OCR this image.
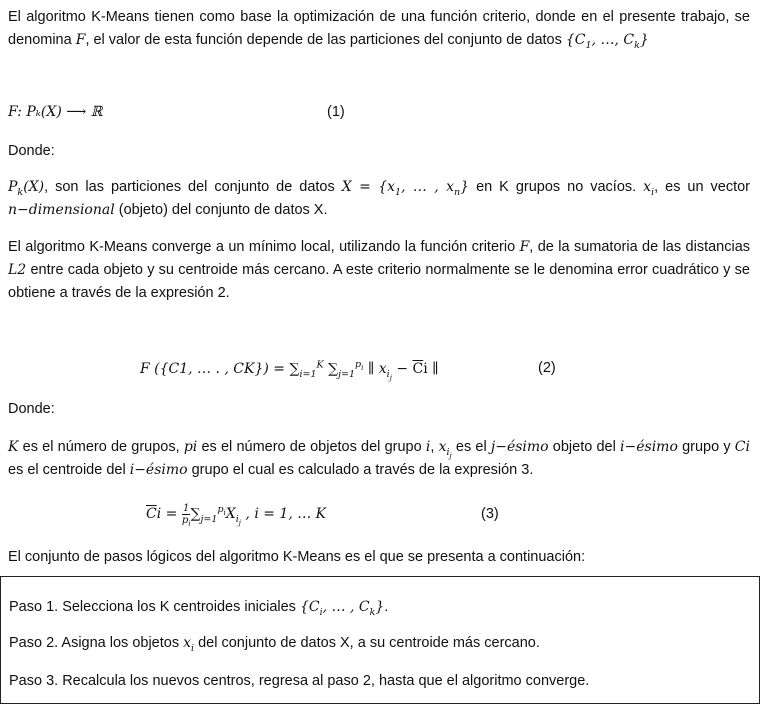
El algoritmo K-Means tienen como base la optimización de una función criterio, donde en el presente trabajo, se denomina F, el valor de esta función depende de las particiones del conjunto de datos {$C_1$, …, $C_k$}

F: Pₖ(X) ⟶ ℝ	(1)
Donde:

$P_k(X)$, son las particiones del conjunto de datos $X = \{x_1$, … , $x_n$} en K grupos no vacíos. $x_i$, es un vector n−dimensional (objeto) del conjunto de datos X.

El algoritmo K-Means converge a un mínimo local, utilizando la función criterio F, de la sumatoria de las distancias L2 entre cada objeto y su centroide más cercano. A este criterio normalmente se le denomina error cuadrático y se obtiene a través de la expresión 2.

F ({C1, … . , $CK\}) = \sum_{i=1}^K$ $\sum_{j=1}^{p_i}$ ∥ $x_{i_j} - \overline{C}i$ ∥	(2)
Donde:

K es el número de grupos, pi es el número de objetos del grupo i, $x_{i_j}$ es el j−ésimo objeto del i−ésimo grupo y Ci es el centroide del i−ésimo grupo el cual es calculado a través de la expresión 3.

$\overline{C}i = \frac{1}{p_i} \sum_{j=1}^{p_i}X_{i_j}$ , i = 1, … K	(3)
El conjunto de pasos lógicos del algoritmo K-Means es el que se presenta a continuación:
Paso 1. Selecciona los K centroides iniciales {$C_i$, … , $C_k$}.
Paso 2. Asigna los objetos $x_i$ del conjunto de datos X, a su centroide más cercano.
Paso 3. Recalcula los nuevos centros, regresa al paso 2, hasta que el algoritmo converge.
